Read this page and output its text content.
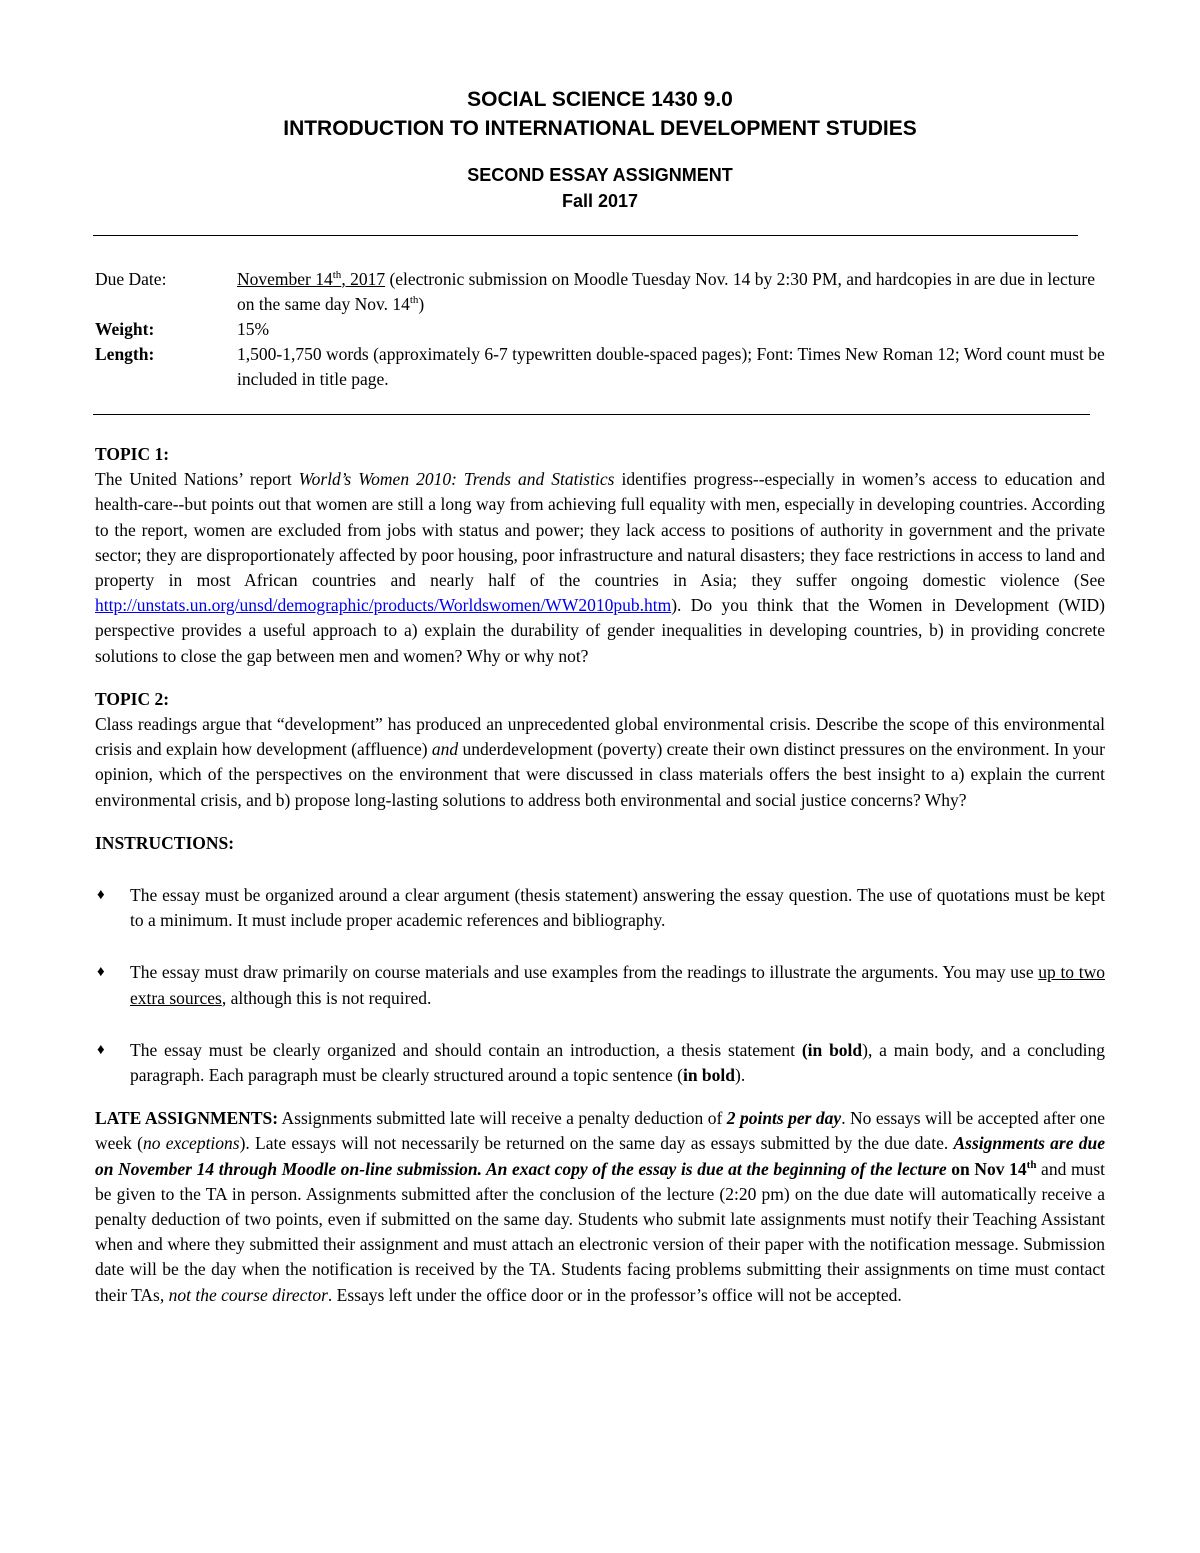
SOCIAL SCIENCE 1430 9.0
INTRODUCTION TO INTERNATIONAL DEVELOPMENT STUDIES
SECOND ESSAY ASSIGNMENT
Fall 2017
Due Date:	November 14th, 2017 (electronic submission on Moodle Tuesday Nov. 14 by 2:30 PM, and hardcopies in are due in lecture on the same day Nov. 14th)
Weight:	15%
Length:	1,500-1,750 words (approximately 6-7 typewritten double-spaced pages); Font: Times New Roman 12; Word count must be included in title page.
TOPIC 1:

The United Nations’ report World’s Women 2010: Trends and Statistics identifies progress--especially in women’s access to education and health-care--but points out that women are still a long way from achieving full equality with men, especially in developing countries. According to the report, women are excluded from jobs with status and power; they lack access to positions of authority in government and the private sector; they are disproportionately affected by poor housing, poor infrastructure and natural disasters; they face restrictions in access to land and property in most African countries and nearly half of the countries in Asia; they suffer ongoing domestic violence (See http://unstats.un.org/unsd/demographic/products/Worldswomen/WW2010pub.htm). Do you think that the Women in Development (WID) perspective provides a useful approach to a) explain the durability of gender inequalities in developing countries, b) in providing concrete solutions to close the gap between men and women? Why or why not?

TOPIC 2:

Class readings argue that “development” has produced an unprecedented global environmental crisis. Describe the scope of this environmental crisis and explain how development (affluence) and underdevelopment (poverty) create their own distinct pressures on the environment. In your opinion, which of the perspectives on the environment that were discussed in class materials offers the best insight to a) explain the current environmental crisis, and b) propose long-lasting solutions to address both environmental and social justice concerns? Why?

INSTRUCTIONS:
♦ The essay must be organized around a clear argument (thesis statement) answering the essay question. The use of quotations must be kept to a minimum. It must include proper academic references and bibliography.

♦ The essay must draw primarily on course materials and use examples from the readings to illustrate the arguments. You may use up to two extra sources, although this is not required.

♦ The essay must be clearly organized and should contain an introduction, a thesis statement (in bold), a main body, and a concluding paragraph. Each paragraph must be clearly structured around a topic sentence (in bold).

LATE ASSIGNMENTS: Assignments submitted late will receive a penalty deduction of 2 points per day. No essays will be accepted after one week (no exceptions). Late essays will not necessarily be returned on the same day as essays submitted by the due date. Assignments are due on November 14 through Moodle on-line submission. An exact copy of the essay is due at the beginning of the lecture on Nov 14th and must be given to the TA in person. Assignments submitted after the conclusion of the lecture (2:20 pm) on the due date will automatically receive a penalty deduction of two points, even if submitted on the same day. Students who submit late assignments must notify their Teaching Assistant when and where they submitted their assignment and must attach an electronic version of their paper with the notification message. Submission date will be the day when the notification is received by the TA. Students facing problems submitting their assignments on time must contact their TAs, not the course director. Essays left under the office door or in the professor’s office will not be accepted.
